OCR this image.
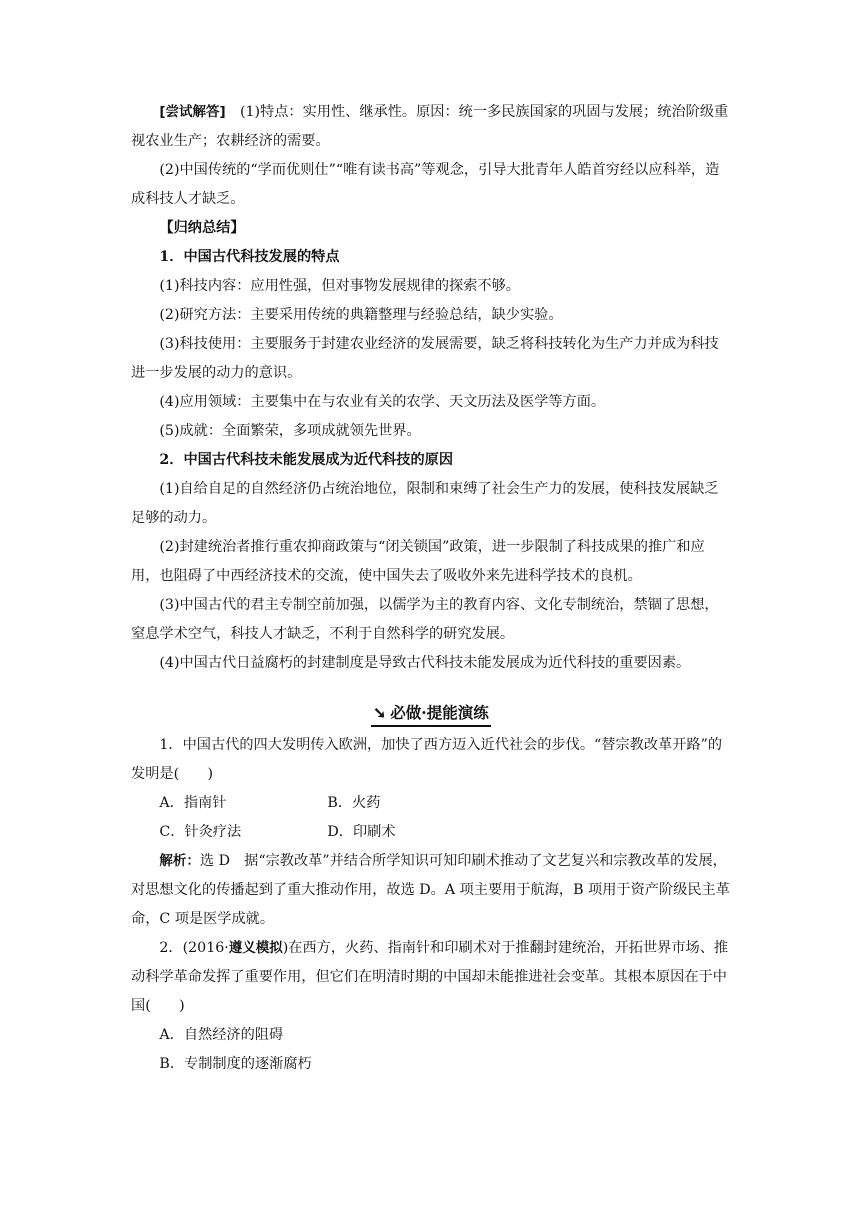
[尝试解答]　 (1)特点：实用性、继承性。原因：统一多民族国家的巩固与发展；统治阶级重视农业生产；农耕经济的需要。

(2)中国传统的“学而优则仕”“唯有读书高”等观念，引导大批青年人皓首穷经以应科举，造成科技人才缺乏。

【归纳总结】

1．中国古代科技发展的特点

(1)科技内容：应用性强，但对事物发展规律的探索不够。

(2)研究方法：主要采用传统的典籍整理与经验总结，缺少实验。

(3)科技使用：主要服务于封建农业经济的发展需要，缺乏将科技转化为生产力并成为科技进一步发展的动力的意识。

(4)应用领域：主要集中在与农业有关的农学、天文历法及医学等方面。

(5)成就：全面繁荣，多项成就领先世界。

2．中国古代科技未能发展成为近代科技的原因

(1)自给自足的自然经济仍占统治地位，限制和束缚了社会生产力的发展，使科技发展缺乏足够的动力。

(2)封建统治者推行重农抑商政策与“闭关锁国”政策，进一步限制了科技成果的推广和应用，也阻碍了中西经济技术的交流，使中国失去了吸收外来先进科学技术的良机。

(3)中国古代的君主专制空前加强，以儒学为主的教育内容、文化专制统治，禁锢了思想，窒息学术空气，科技人才缺乏，不利于自然科学的研究发展。

(4)中国古代日益腐朽的封建制度是导致古代科技未能发展成为近代科技的重要因素。

➘ 必做·提能演练

1．中国古代的四大发明传入欧洲，加快了西方迈入近代社会的步伐。“替宗教改革开路”的发明是(　　)

A．指南针	B．火药
C．针灸疗法	D．印刷术

解析：选 D　据“宗教改革”并结合所学知识可知印刷术推动了文艺复兴和宗教改革的发展，对思想文化的传播起到了重大推动作用，故选 D。A 项主要用于航海，B 项用于资产阶级民主革命，C 项是医学成就。

2．(2016·遵义模拟)在西方，火药、指南针和印刷术对于推翻封建统治，开拓世界市场、推动科学革命发挥了重要作用，但它们在明清时期的中国却未能推进社会变革。其根本原因在于中国(　　)

A．自然经济的阻碍
B．专制制度的逐渐腐朽
